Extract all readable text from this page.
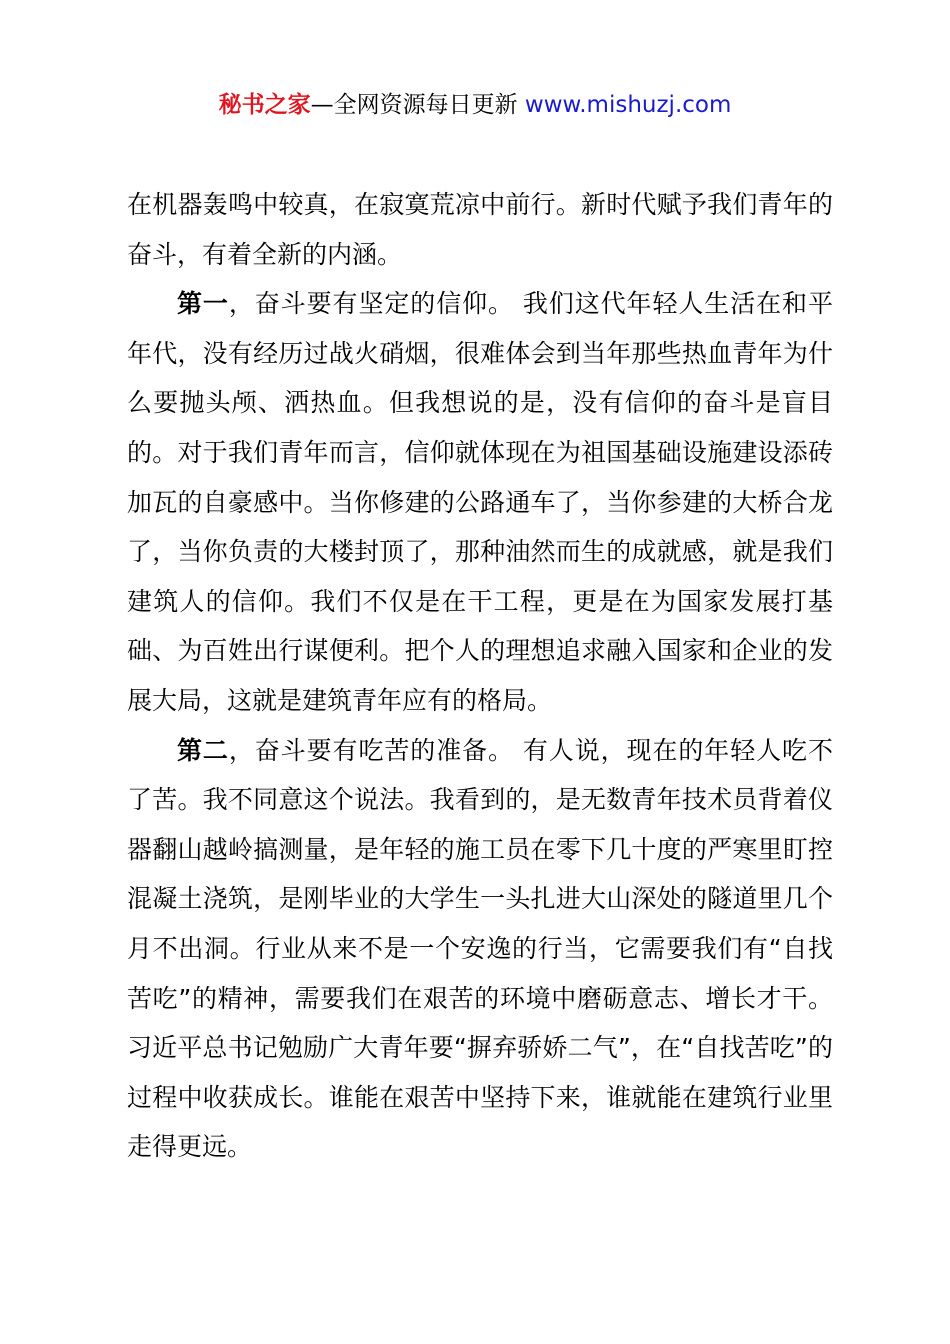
秘书之家—全网资源每日更新 www.mishuzj.com

在机器轰鸣中较真，在寂寞荒凉中前行。新时代赋予我们青年的奋斗，有着全新的内涵。

第一，奋斗要有坚定的信仰。 我们这代年轻人生活在和平年代，没有经历过战火硝烟，很难体会到当年那些热血青年为什么要抛头颅、洒热血。但我想说的是，没有信仰的奋斗是盲目的。对于我们青年而言，信仰就体现在为祖国基础设施建设添砖加瓦的自豪感中。当你修建的公路通车了，当你参建的大桥合龙了，当你负责的大楼封顶了，那种油然而生的成就感，就是我们建筑人的信仰。我们不仅是在干工程，更是在为国家发展打基础、为百姓出行谋便利。把个人的理想追求融入国家和企业的发展大局，这就是建筑青年应有的格局。

第二，奋斗要有吃苦的准备。 有人说，现在的年轻人吃不了苦。我不同意这个说法。我看到的，是无数青年技术员背着仪器翻山越岭搞测量，是年轻的施工员在零下几十度的严寒里盯控混凝土浇筑，是刚毕业的大学生一头扎进大山深处的隧道里几个月不出洞。行业从来不是一个安逸的行当，它需要我们有“自找苦吃”的精神，需要我们在艰苦的环境中磨砺意志、增长才干。习近平总书记勉励广大青年要“摒弃骄娇二气”，在“自找苦吃”的过程中收获成长。谁能在艰苦中坚持下来，谁就能在建筑行业里走得更远。
